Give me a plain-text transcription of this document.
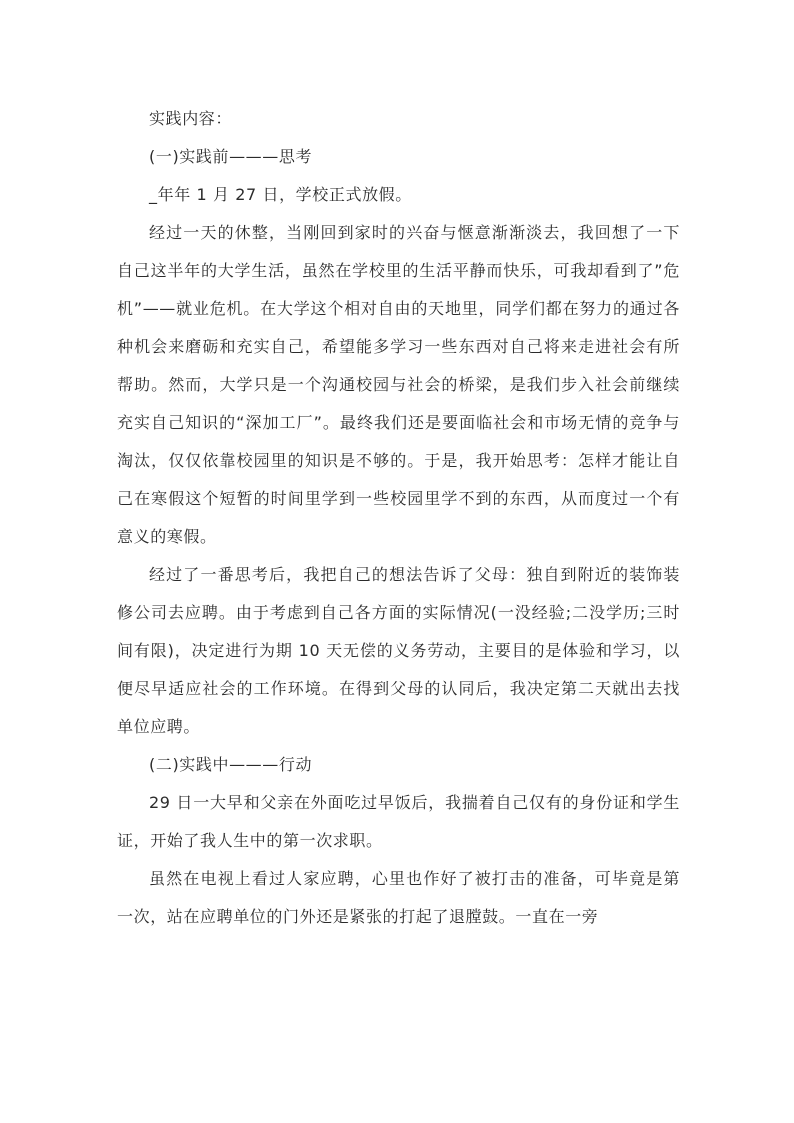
实践内容：

(一)实践前———思考

_年年 1 月 27 日，学校正式放假。

经过一天的休整，当刚回到家时的兴奋与惬意渐渐淡去，我回想了一下自己这半年的大学生活，虽然在学校里的生活平静而快乐，可我却看到了”危机”——就业危机。在大学这个相对自由的天地里，同学们都在努力的通过各种机会来磨砺和充实自己，希望能多学习一些东西对自己将来走进社会有所帮助。然而，大学只是一个沟通校园与社会的桥梁，是我们步入社会前继续充实自己知识的“深加工厂”。最终我们还是要面临社会和市场无情的竞争与淘汰，仅仅依靠校园里的知识是不够的。于是，我开始思考：怎样才能让自己在寒假这个短暂的时间里学到一些校园里学不到的东西，从而度过一个有意义的寒假。

经过了一番思考后，我把自己的想法告诉了父母：独自到附近的装饰装修公司去应聘。由于考虑到自己各方面的实际情况(一没经验;二没学历;三时间有限)，决定进行为期 10 天无偿的义务劳动，主要目的是体验和学习，以便尽早适应社会的工作环境。在得到父母的认同后，我决定第二天就出去找单位应聘。

(二)实践中———行动

29 日一大早和父亲在外面吃过早饭后，我揣着自己仅有的身份证和学生证，开始了我人生中的第一次求职。

虽然在电视上看过人家应聘，心里也作好了被打击的准备，可毕竟是第一次，站在应聘单位的门外还是紧张的打起了退膛鼓。一直在一旁
